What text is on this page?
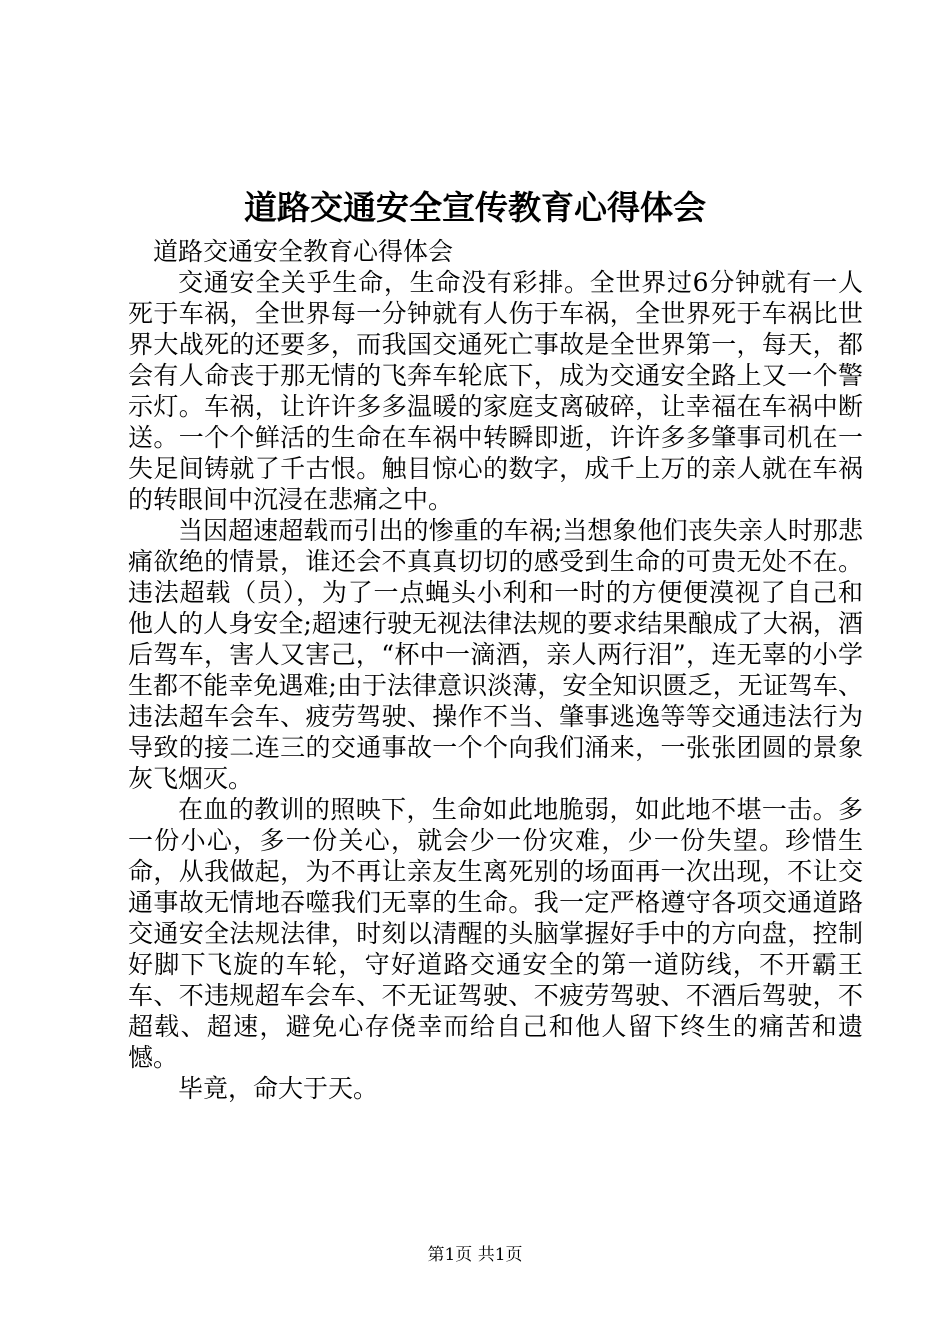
道路交通安全宣传教育心得体会

道路交通安全教育心得体会

交通安全关乎生命，生命没有彩排。全世界过6分钟就有一人死于车祸，全世界每一分钟就有人伤于车祸，全世界死于车祸比世界大战死的还要多，而我国交通死亡事故是全世界第一，每天，都会有人命丧于那无情的飞奔车轮底下，成为交通安全路上又一个警示灯。车祸，让许许多多温暖的家庭支离破碎，让幸福在车祸中断送。一个个鲜活的生命在车祸中转瞬即逝，许许多多肇事司机在一失足间铸就了千古恨。触目惊心的数字，成千上万的亲人就在车祸的转眼间中沉浸在悲痛之中。

当因超速超载而引出的惨重的车祸;当想象他们丧失亲人时那悲痛欲绝的情景，谁还会不真真切切的感受到生命的可贵无处不在。违法超载（员），为了一点蝇头小利和一时的方便便漠视了自己和他人的人身安全;超速行驶无视法律法规的要求结果酿成了大祸，酒后驾车，害人又害己，“杯中一滴酒，亲人两行泪”，连无辜的小学生都不能幸免遇难;由于法律意识淡薄，安全知识匮乏，无证驾车、违法超车会车、疲劳驾驶、操作不当、肇事逃逸等等交通违法行为导致的接二连三的交通事故一个个向我们涌来，一张张团圆的景象灰飞烟灭。

在血的教训的照映下，生命如此地脆弱，如此地不堪一击。多一份小心，多一份关心，就会少一份灾难，少一份失望。珍惜生命，从我做起，为不再让亲友生离死别的场面再一次出现，不让交通事故无情地吞噬我们无辜的生命。我一定严格遵守各项交通道路交通安全法规法律，时刻以清醒的头脑掌握好手中的方向盘，控制好脚下飞旋的车轮，守好道路交通安全的第一道防线，不开霸王车、不违规超车会车、不无证驾驶、不疲劳驾驶、不酒后驾驶，不超载、超速，避免心存侥幸而给自己和他人留下终生的痛苦和遗憾。

毕竟，命大于天。

第1页 共1页
